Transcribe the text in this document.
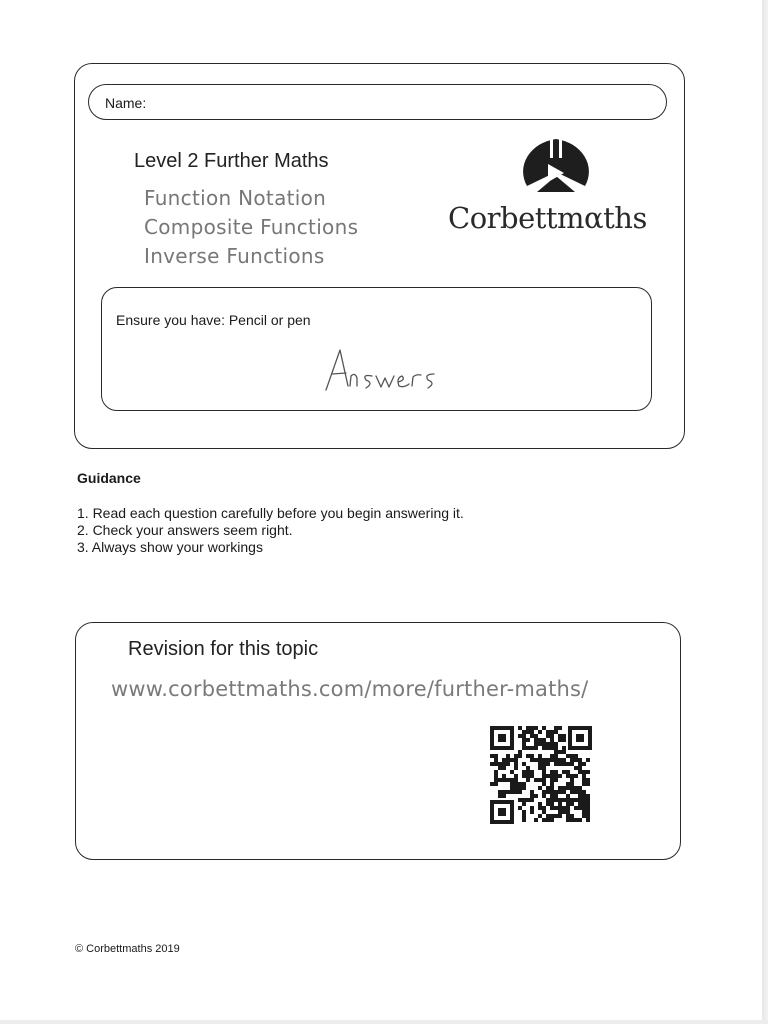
Name:
Level 2 Further Maths
Function Notation
Composite Functions
Inverse Functions
Corbettmαths
Ensure you have: Pencil or pen
Guidance
1. Read each question carefully before you begin answering it.
2. Check your answers seem right.
3. Always show your workings
Revision for this topic
www.corbettmaths.com/more/further-maths/
© Corbettmaths 2019
